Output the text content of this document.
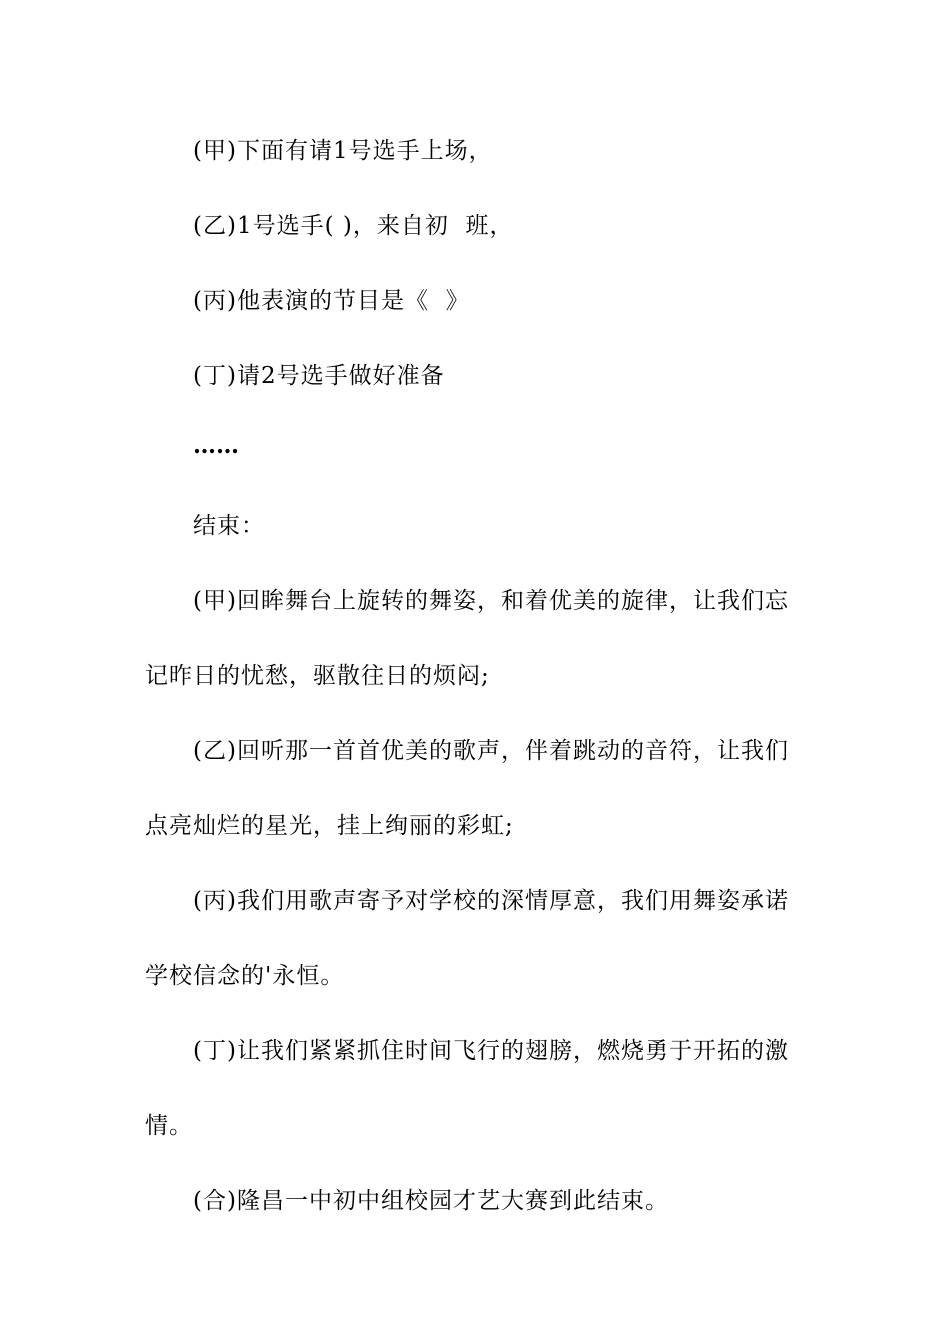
(甲)下面有请1号选手上场，
(乙)1号选手( )，来自初  班，
(丙)他表演的节目是《  》
(丁)请2号选手做好准备
……
结束：
(甲)回眸舞台上旋转的舞姿，和着优美的旋律，让我们忘
记昨日的忧愁，驱散往日的烦闷;
(乙)回听那一首首优美的歌声，伴着跳动的音符，让我们
点亮灿烂的星光，挂上绚丽的彩虹;
(丙)我们用歌声寄予对学校的深情厚意，我们用舞姿承诺
学校信念的'永恒。
(丁)让我们紧紧抓住时间飞行的翅膀，燃烧勇于开拓的激
情。
(合)隆昌一中初中组校园才艺大赛到此结束。
